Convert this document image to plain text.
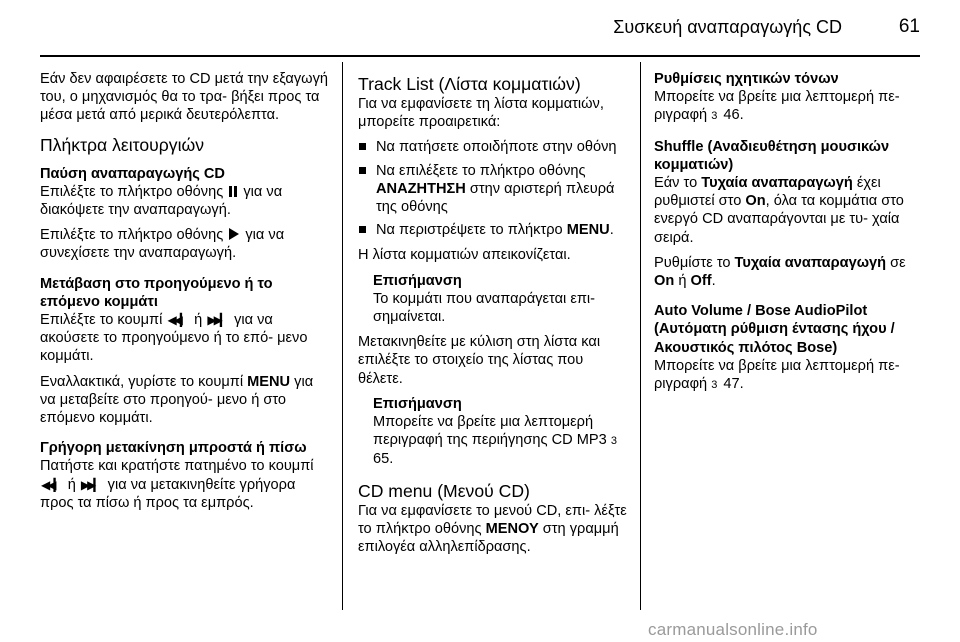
Συσκευή αναπαραγωγής CD	61

Εάν δεν αφαιρέσετε το CD μετά την εξαγωγή του, ο μηχανισμός θα το τρα- βήξει προς τα μέσα μετά από μερικά δευτερόλεπτα.

Πλήκτρα λειτουργιών
Παύση αναπαραγωγής CD

Επιλέξτε το πλήκτρο οθόνης  για να διακόψετε την αναπαραγωγή.

Επιλέξτε το πλήκτρο οθόνης  για να συνεχίσετε την αναπαραγωγή.

Μετάβαση στο προηγούμενο ή το επόμενο κομμάτι

Επιλέξτε το κουμπί ◀◀▎ ή ▶▶▎ για να ακούσετε το προηγούμενο ή το επό- μενο κομμάτι.

Εναλλακτικά, γυρίστε το κουμπί MENU για να μεταβείτε στο προηγού- μενο ή στο επόμενο κομμάτι.

Γρήγορη μετακίνηση μπροστά ή πίσω

Πατήστε και κρατήστε πατημένο το κουμπί ◀◀▎ ή ▶▶▎ για να μετακινηθείτε γρήγορα προς τα πίσω ή προς τα εμπρός.

Track List (Λίστα κομματιών)

Για να εμφανίσετε τη λίστα κομματιών, μπορείτε προαιρετικά:

Να πατήσετε οποιδήποτε στην οθόνη
Να επιλέξετε το πλήκτρο οθόνης ΑΝΑΖΗΤΗΣΗ στην αριστερή πλευρά της οθόνης
Να περιστρέψετε το πλήκτρο MENU.

Η λίστα κομματιών απεικονίζεται.

Επισήμανση
Το κομμάτι που αναπαράγεται επι- σημαίνεται.

Μετακινηθείτε με κύλιση στη λίστα και επιλέξτε το στοιχείο της λίστας που θέλετε.

Επισήμανση
Μπορείτε να βρείτε μια λεπτομερή περιγραφή της περιήγησης CD MP3 3 65.
CD menu (Μενού CD)

Για να εμφανίσετε το μενού CD, επι- λέξτε το πλήκτρο οθόνης ΜΕΝΟΥ στη γραμμή επιλογέα αλληλεπίδρασης.

Ρυθμίσεις ηχητικών τόνων

Μπορείτε να βρείτε μια λεπτομερή πε- ριγραφή 3 46.

Shuffle (Αναδιευθέτηση μουσικών κομματιών)

Εάν το Τυχαία αναπαραγωγή έχει ρυθμιστεί στο On, όλα τα κομμάτια στο ενεργό CD αναπαράγονται με τυ- χαία σειρά.

Ρυθμίστε το Τυχαία αναπαραγωγή σε On ή Off.

Auto Volume / Bose AudioPilot (Αυτόματη ρύθμιση έντασης ήχου / Ακουστικός πιλότος Bose)

Μπορείτε να βρείτε μια λεπτομερή πε- ριγραφή 3 47.

carmanualsonline.info
